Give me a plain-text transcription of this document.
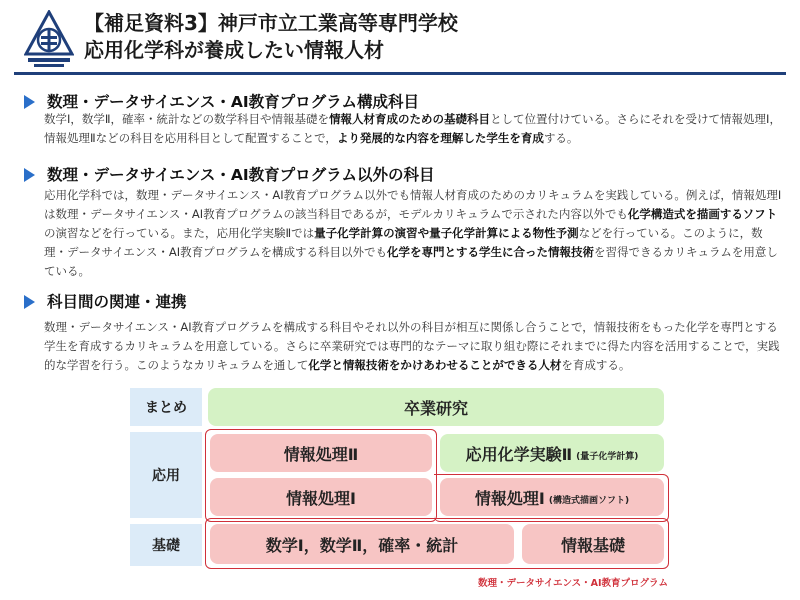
【補足資料3】神戸市立工業高等専門学校
応用化学科が養成したい情報人材
数理・データサイエンス・AI教育プログラム構成科目
数学Ⅰ，数学Ⅱ，確率・統計などの数学科目や情報基礎を情報人材育成のための基礎科目として位置付けている。さらにそれを受けて情報処理Ⅰ，情報処理Ⅱなどの科目を応用科目として配置することで，より発展的な内容を理解した学生を育成する。
数理・データサイエンス・AI教育プログラム以外の科目
応用化学科では，数理・データサイエンス・AI教育プログラム以外でも情報人材育成のためのカリキュラムを実践している。例えば，情報処理Ⅰは数理・データサイエンス・AI教育プログラムの該当科目であるが，モデルカリキュラムで示された内容以外でも化学構造式を描画するソフトの演習などを行っている。また，応用化学実験Ⅱでは量子化学計算の演習や量子化学計算による物性予測などを行っている。このように，数理・データサイエンス・AI教育プログラムを構成する科目以外でも化学を専門とする学生に合った情報技術を習得できるカリキュラムを用意している。
科目間の関連・連携
数理・データサイエンス・AI教育プログラムを構成する科目やそれ以外の科目が相互に関係し合うことで，情報技術をもった化学を専門とする学生を育成するカリキュラムを用意している。さらに卒業研究では専門的なテーマに取り組む際にそれまでに得た内容を活用することで，実践的な学習を行う。このようなカリキュラムを通して化学と情報技術をかけあわせることができる人材を育成する。
まとめ
応用
基礎
卒業研究
情報処理Ⅱ
情報処理Ⅰ
応用化学実験Ⅱ (量子化学計算)
情報処理Ⅰ (構造式描画ソフト)
数学Ⅰ，数学Ⅱ，確率・統計	情報基礎
数理・データサイエンス・AI教育プログラム
